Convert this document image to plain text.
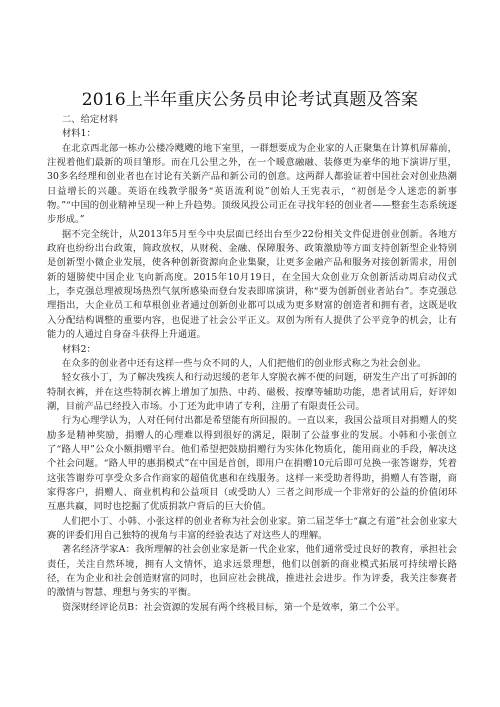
2016上半年重庆公务员申论考试真题及答案

二、给定材料

材料1：

在北京西北部一栋办公楼冷飕飕的地下室里，一群想要成为企业家的人正聚集在计算机屏幕前，注视着他们最新的项目雏形。而在几公里之外，在一个暖意融融、装修更为豪华的地下演讲厅里，30多名经理和创业者也在讨论有关新产品和新公司的创意。这两群人都验证着中国社会对创业热潮日益增长的兴趣。英语在线教学服务“英语流利说”创始人王宪表示，“初创是令人迷恋的新事物。”“中国的创业精神呈现一种上升趋势。顶级风投公司正在寻找年轻的创业者——整套生态系统逐步形成。”

据不完全统计，从2013年5月至今中央层面已经出台至少22份相关文件促进创业创新。各地方政府也纷纷出台政策，简政放权，从财税、金融、保障服务、政策激励等方面支持创新型企业特别是创新型小微企业发展，使各种创新资源向企业集聚，让更多金融产品和服务对接创新需求，用创新的翅膀使中国企业飞向新高度。2015年10月19日，在全国大众创业万众创新活动周启动仪式上，李克强总理被现场热烈气氛所感染而登台发表即席演讲，称“要为创新创业者站台”。李克强总理指出，大企业员工和草根创业者通过创新创业都可以成为更多财富的创造者和拥有者，这既是收入分配结构调整的重要内容，也促进了社会公平正义。双创为所有人提供了公平竞争的机会，让有能力的人通过自身奋斗获得上升通道。

材料2：

在众多的创业者中还有这样一些与众不同的人，人们把他们的创业形式称之为社会创业。

轻女孩小丁，为了解决残疾人和行动迟缓的老年人穿脱衣裤不便的问题，研发生产出了可拆卸的特制衣裤，并在这些特制衣裤上增加了加热、中药、磁极、按摩等辅助功能，患者试用后，好评如潮，目前产品已经投入市场。小丁还为此申请了专利，注册了有限责任公司。

行为心理学认为，人对任何付出都是希望能有所回报的。一直以来，我国公益项目对捐赠人的奖励多是精神奖励，捐赠人的心理难以得到很好的满足，限制了公益事业的发展。小韩和小张创立了“路人甲”公众小额捐赠平台。他们希望把鼓励捐赠行为实体化物质化，能用商业的手段，解决这个社会问题。“路人甲的惠捐模式”在中国是首创，即用户在捐赠10元后即可兑换一张答谢券，凭着这张答谢券可享受众多合作商家的超值优惠和在线服务。这样一来受助者得助，捐赠人有答谢，商家得客户，捐赠人、商业机构和公益项目（或受助人）三者之间形成一个非常好的公益的价值闭环互惠共赢，同时也挖掘了优质捐款户背后的巨大价值。

人们把小丁、小韩、小张这样的创业者称为社会创业家。第二届芝华士“赢之有道”社会创业家大赛的评委们用自己独特的视角与丰富的经验表达了对这些人的理解。

著名经济学家A：我所理解的社会创业家是新一代企业家，他们通常受过良好的教育，承担社会责任，关注自然环境，拥有人文情怀，追求远景理想，他们以创新的商业模式拓展可持续增长路径，在为企业和社会创造财富的同时，也回应社会挑战，推进社会进步。作为评委，我关注参赛者的激情与智慧、理想与务实的平衡。

资深财经评论员B：社会资源的发展有两个终极目标，第一个是效率，第二个公平。
